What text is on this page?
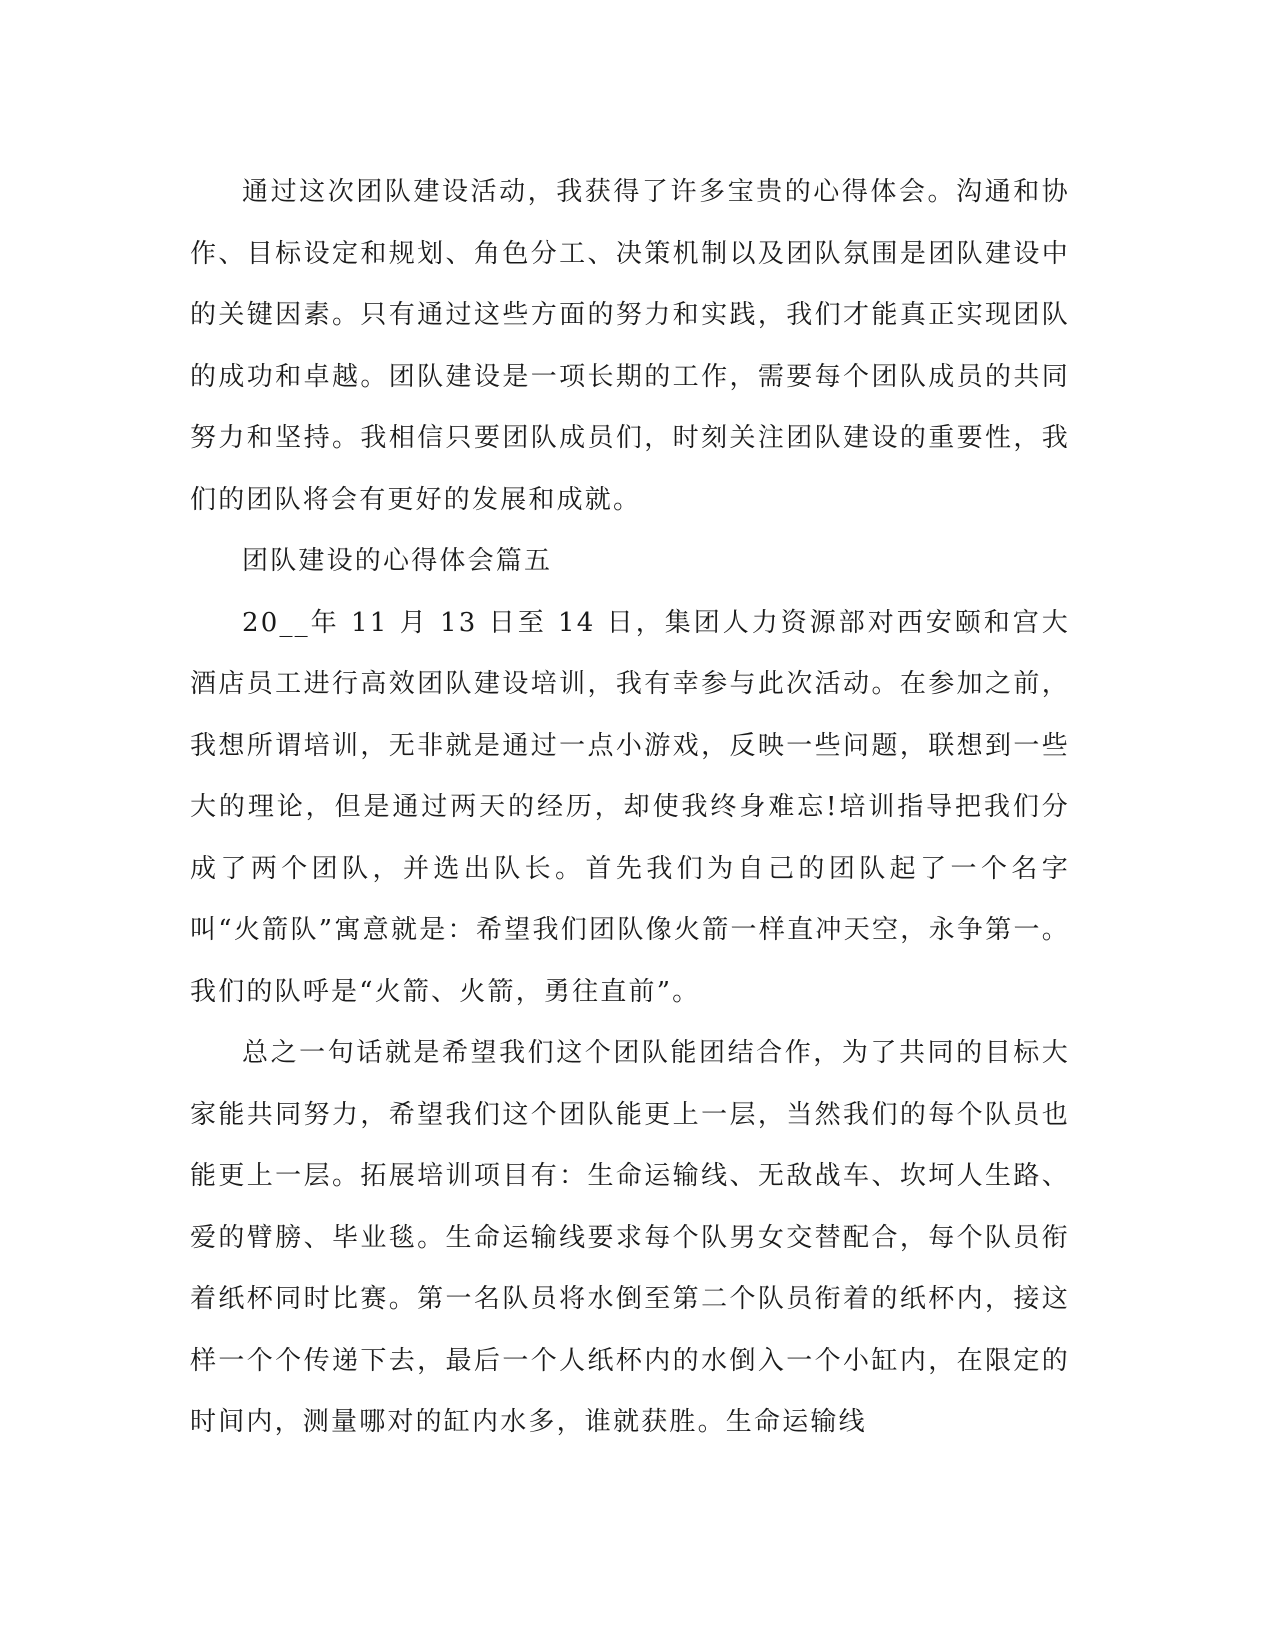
通过这次团队建设活动，我获得了许多宝贵的心得体会。沟通和协作、目标设定和规划、角色分工、决策机制以及团队氛围是团队建设中的关键因素。只有通过这些方面的努力和实践，我们才能真正实现团队的成功和卓越。团队建设是一项长期的工作，需要每个团队成员的共同努力和坚持。我相信只要团队成员们，时刻关注团队建设的重要性，我们的团队将会有更好的发展和成就。

团队建设的心得体会篇五

20__年 11 月 13 日至 14 日，集团人力资源部对西安颐和宫大酒店员工进行高效团队建设培训，我有幸参与此次活动。在参加之前，我想所谓培训，无非就是通过一点小游戏，反映一些问题，联想到一些大的理论，但是通过两天的经历，却使我终身难忘!培训指导把我们分成了两个团队，并选出队长。首先我们为自己的团队起了一个名字叫“火箭队”寓意就是：希望我们团队像火箭一样直冲天空，永争第一。我们的队呼是“火箭、火箭，勇往直前”。

总之一句话就是希望我们这个团队能团结合作，为了共同的目标大家能共同努力，希望我们这个团队能更上一层，当然我们的每个队员也能更上一层。拓展培训项目有：生命运输线、无敌战车、坎坷人生路、爱的臂膀、毕业毯。生命运输线要求每个队男女交替配合，每个队员衔着纸杯同时比赛。第一名队员将水倒至第二个队员衔着的纸杯内，接这样一个个传递下去，最后一个人纸杯内的水倒入一个小缸内，在限定的时间内，测量哪对的缸内水多，谁就获胜。生命运输线
